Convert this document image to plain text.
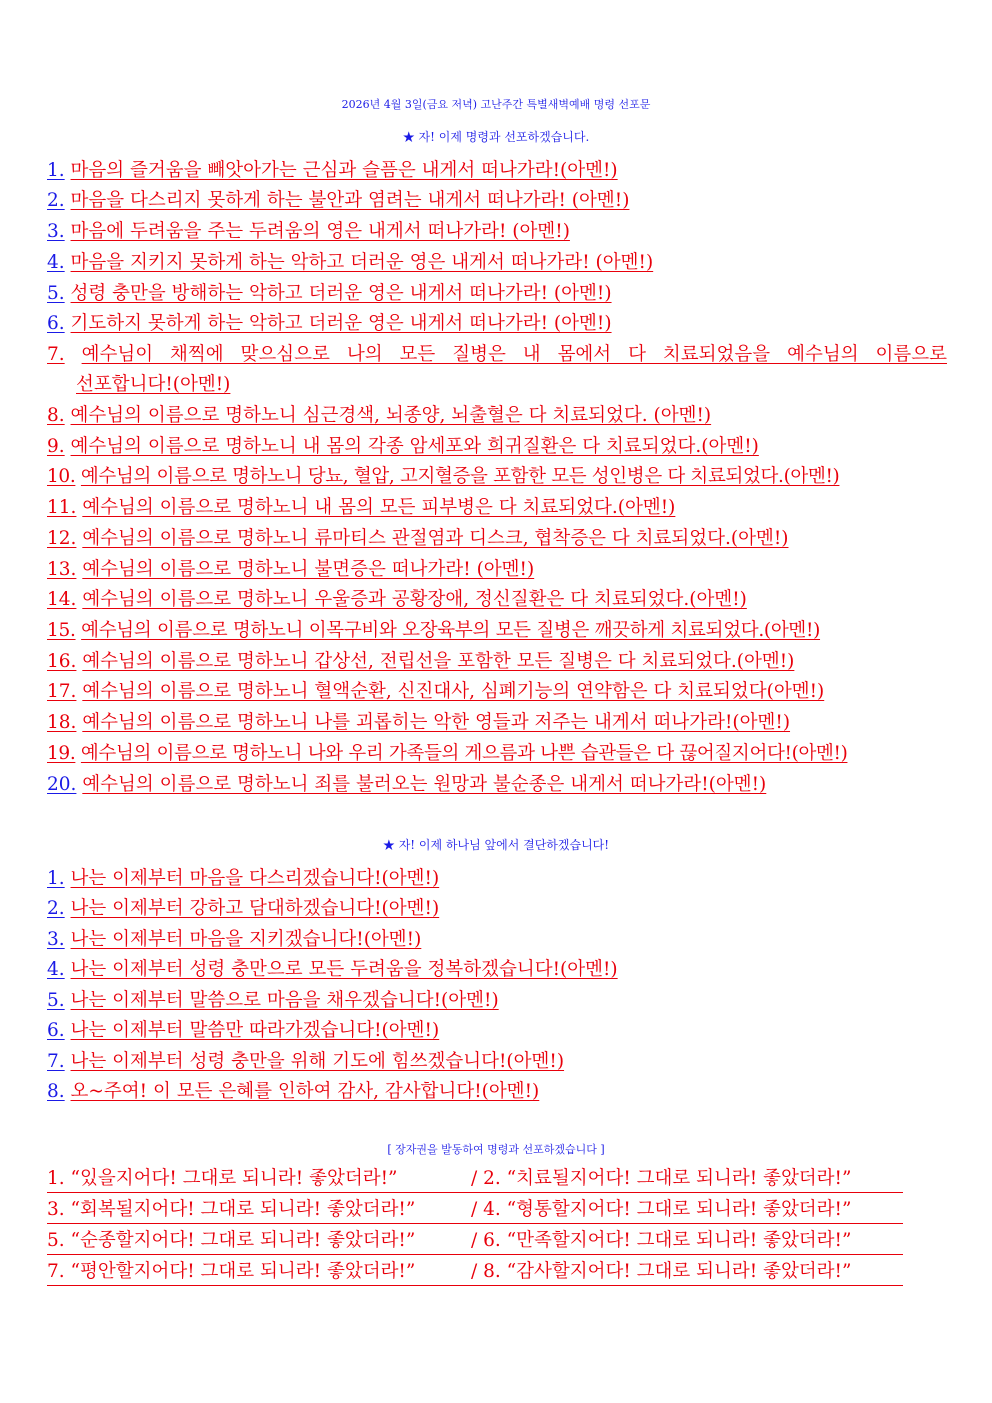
2026년 4월 3일(금요 저녁) 고난주간 특별새벽예배 명령 선포문
★ 자! 이제 명령과 선포하겠습니다.
1. 마음의 즐거움을 빼앗아가는 근심과 슬픔은 내게서 떠나가라!(아멘!)
2. 마음을 다스리지 못하게 하는 불안과 염려는 내게서 떠나가라! (아멘!)
3. 마음에 두려움을 주는 두려움의 영은 내게서 떠나가라! (아멘!)
4. 마음을 지키지 못하게 하는 악하고 더러운 영은 내게서 떠나가라! (아멘!)
5. 성령 충만을 방해하는 악하고 더러운 영은 내게서 떠나가라! (아멘!)
6. 기도하지 못하게 하는 악하고 더러운 영은 내게서 떠나가라! (아멘!)
7. 예수님이 채찍에 맞으심으로 나의 모든 질병은 내 몸에서 다 치료되었음을 예수님의 이름으로
선포합니다!(아멘!)
8. 예수님의 이름으로 명하노니 심근경색, 뇌종양, 뇌출혈은 다 치료되었다. (아멘!)
9. 예수님의 이름으로 명하노니 내 몸의 각종 암세포와 희귀질환은 다 치료되었다.(아멘!)
10. 예수님의 이름으로 명하노니 당뇨, 혈압, 고지혈증을 포함한 모든 성인병은 다 치료되었다.(아멘!)
11. 예수님의 이름으로 명하노니 내 몸의 모든 피부병은 다 치료되었다.(아멘!)
12. 예수님의 이름으로 명하노니 류마티스 관절염과 디스크, 협착증은 다 치료되었다.(아멘!)
13. 예수님의 이름으로 명하노니 불면증은 떠나가라! (아멘!)
14. 예수님의 이름으로 명하노니 우울증과 공황장애, 정신질환은 다 치료되었다.(아멘!)
15. 예수님의 이름으로 명하노니 이목구비와 오장육부의 모든 질병은 깨끗하게 치료되었다.(아멘!)
16. 예수님의 이름으로 명하노니 갑상선, 전립선을 포함한 모든 질병은 다 치료되었다.(아멘!)
17. 예수님의 이름으로 명하노니 혈액순환, 신진대사, 심폐기능의 연약함은 다 치료되었다(아멘!)
18. 예수님의 이름으로 명하노니 나를 괴롭히는 악한 영들과 저주는 내게서 떠나가라!(아멘!)
19. 예수님의 이름으로 명하노니 나와 우리 가족들의 게으름과 나쁜 습관들은 다 끊어질지어다!(아멘!)
20. 예수님의 이름으로 명하노니 죄를 불러오는 원망과 불순종은 내게서 떠나가라!(아멘!)
★ 자! 이제 하나님 앞에서 결단하겠습니다!
1. 나는 이제부터 마음을 다스리겠습니다!(아멘!)
2. 나는 이제부터 강하고 담대하겠습니다!(아멘!)
3. 나는 이제부터 마음을 지키겠습니다!(아멘!)
4. 나는 이제부터 성령 충만으로 모든 두려움을 정복하겠습니다!(아멘!)
5. 나는 이제부터 말씀으로 마음을 채우겠습니다!(아멘!)
6. 나는 이제부터 말씀만 따라가겠습니다!(아멘!)
7. 나는 이제부터 성령 충만을 위해 기도에 힘쓰겠습니다!(아멘!)
8. 오~주여! 이 모든 은혜를 인하여 감사, 감사합니다!(아멘!)
[ 장자권을 발동하여 명령과 선포하겠습니다 ]
1. “있을지어다! 그대로 되니라! 좋았더라!”	/ 2. “치료될지어다! 그대로 되니라! 좋았더라!”
3. “회복될지어다! 그대로 되니라! 좋았더라!”	/ 4. “형통할지어다! 그대로 되니라! 좋았더라!”
5. “순종할지어다! 그대로 되니라! 좋았더라!”	/ 6. “만족할지어다! 그대로 되니라! 좋았더라!”
7. “평안할지어다! 그대로 되니라! 좋았더라!”	/ 8. “감사할지어다! 그대로 되니라! 좋았더라!”
